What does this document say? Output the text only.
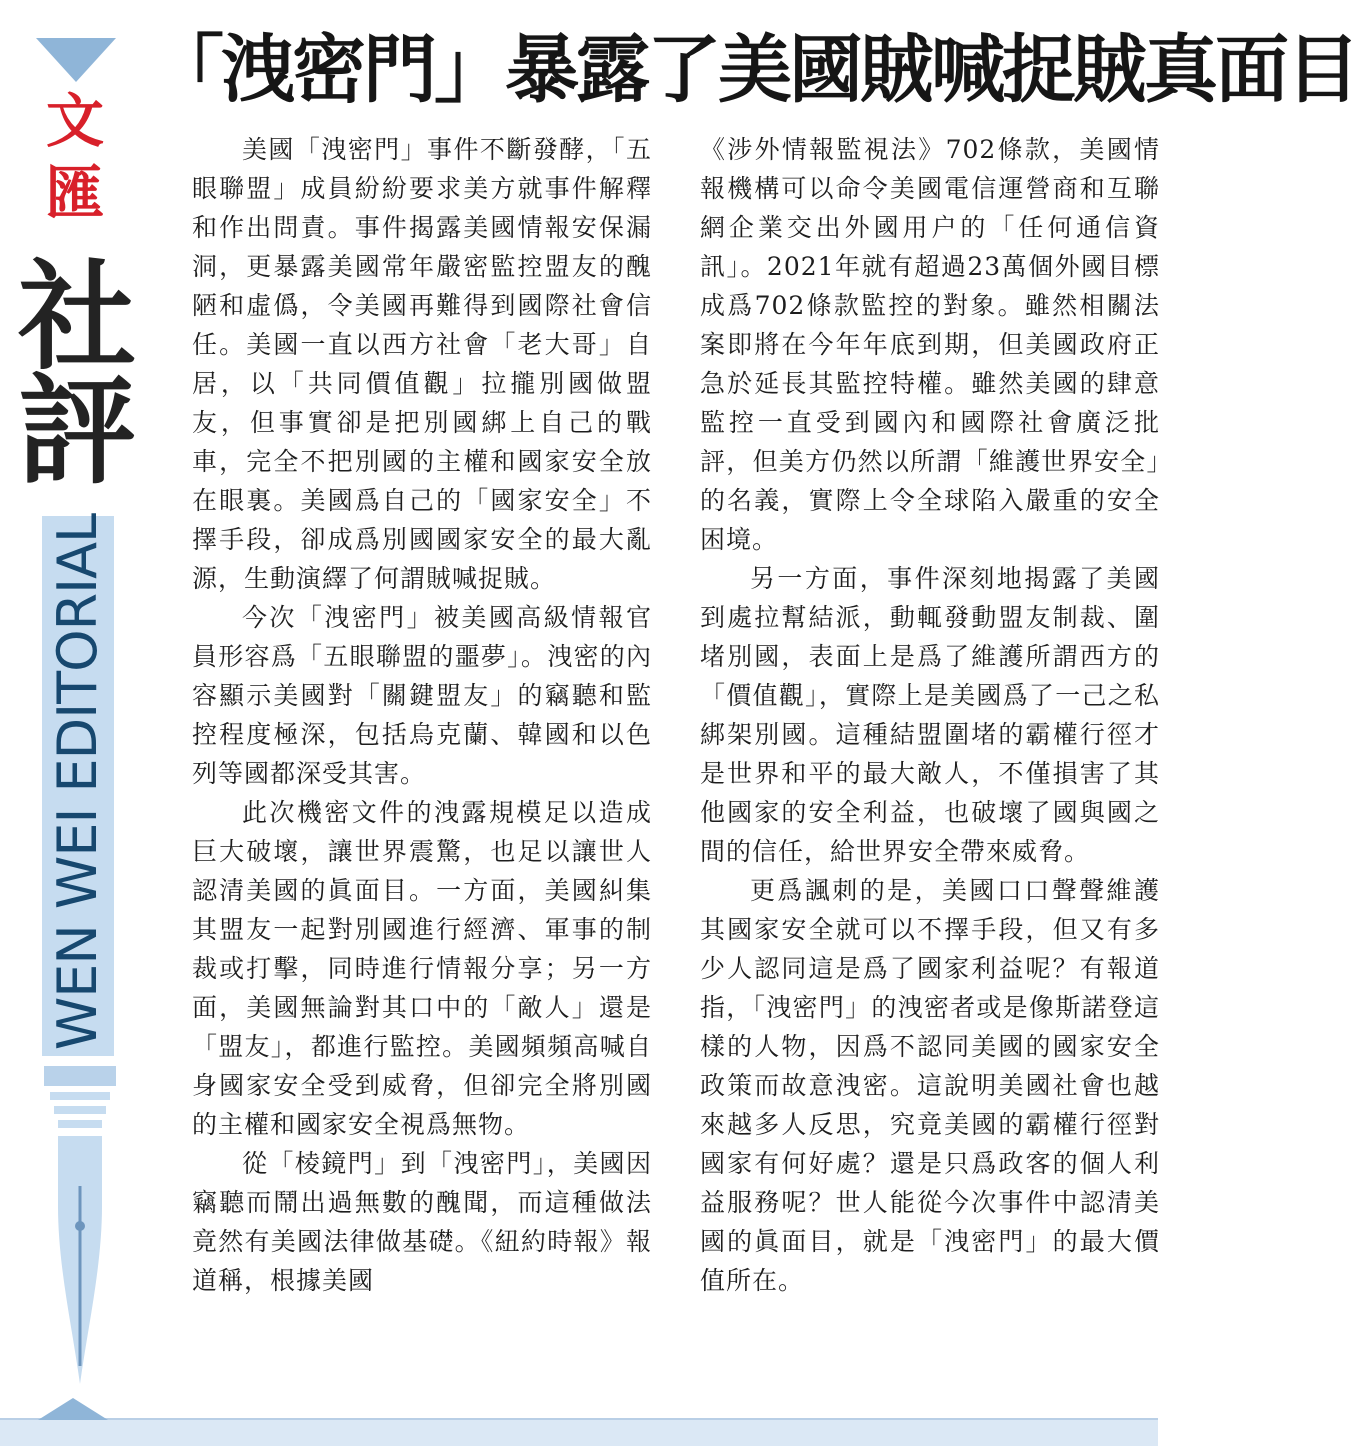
文
匯
社
評
WEN WEI EDITORIAL
「洩密門」暴露了美國賊喊捉賊真面目

美國「洩密門」事件不斷發酵，「五眼聯盟」成員紛紛要求美方就事件解釋和作出問責。事件揭露美國情報安保漏洞，更暴露美國常年嚴密監控盟友的醜陋和虛僞，令美國再難得到國際社會信任。美國一直以西方社會「老大哥」自居，以「共同價值觀」拉攏別國做盟友，但事實卻是把別國綁上自己的戰車，完全不把別國的主權和國家安全放在眼裏。美國爲自己的「國家安全」不擇手段，卻成爲別國國家安全的最大亂源，生動演繹了何謂賊喊捉賊。

今次「洩密門」被美國高級情報官員形容爲「五眼聯盟的噩夢」。洩密的內容顯示美國對「關鍵盟友」的竊聽和監控程度極深，包括烏克蘭、韓國和以色列等國都深受其害。

此次機密文件的洩露規模足以造成巨大破壞，讓世界震驚，也足以讓世人認清美國的眞面目。一方面，美國糾集其盟友一起對別國進行經濟、軍事的制裁或打擊，同時進行情報分享；另一方面，美國無論對其口中的「敵人」還是「盟友」，都進行監控。美國頻頻高喊自身國家安全受到威脅，但卻完全將別國的主權和國家安全視爲無物。

從「棱鏡門」到「洩密門」，美國因竊聽而鬧出過無數的醜聞，而這種做法竟然有美國法律做基礎。《紐約時報》報道稱，根據美國

《涉外情報監視法》702條款，美國情報機構可以命令美國電信運營商和互聯網企業交出外國用户的「任何通信資訊」。2021年就有超過23萬個外國目標成爲702條款監控的對象。雖然相關法案即將在今年年底到期，但美國政府正急於延長其監控特權。雖然美國的肆意監控一直受到國內和國際社會廣泛批評，但美方仍然以所謂「維護世界安全」的名義，實際上令全球陷入嚴重的安全困境。

另一方面，事件深刻地揭露了美國到處拉幫結派，動輒發動盟友制裁、圍堵別國，表面上是爲了維護所謂西方的「價值觀」，實際上是美國爲了一己之私綁架別國。這種結盟圍堵的霸權行徑才是世界和平的最大敵人，不僅損害了其他國家的安全利益，也破壞了國與國之間的信任，給世界安全帶來威脅。

更爲諷刺的是，美國口口聲聲維護其國家安全就可以不擇手段，但又有多少人認同這是爲了國家利益呢？有報道指，「洩密門」的洩密者或是像斯諾登這樣的人物，因爲不認同美國的國家安全政策而故意洩密。這說明美國社會也越來越多人反思，究竟美國的霸權行徑對國家有何好處？還是只爲政客的個人利益服務呢？世人能從今次事件中認清美國的眞面目，就是「洩密門」的最大價值所在。
